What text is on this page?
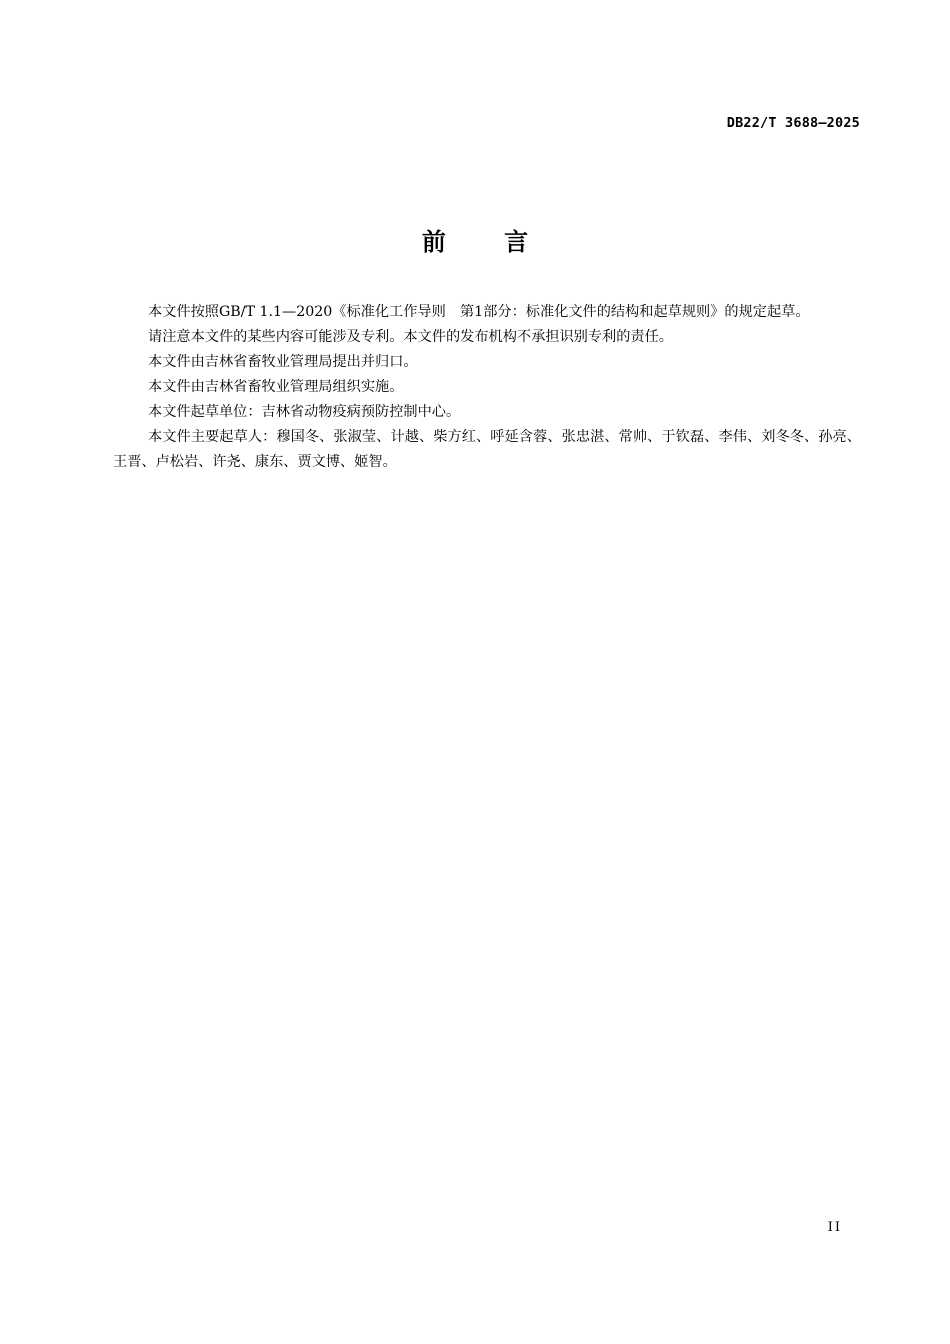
DB22/T 3688—2025
前 言

本文件按照GB/T 1.1—2020《标准化工作导则　第1部分：标准化文件的结构和起草规则》的规定起草。

请注意本文件的某些内容可能涉及专利。本文件的发布机构不承担识别专利的责任。

本文件由吉林省畜牧业管理局提出并归口。

本文件由吉林省畜牧业管理局组织实施。

本文件起草单位：吉林省动物疫病预防控制中心。

本文件主要起草人：穆国冬、张淑莹、计越、柴方红、呼延含蓉、张忠湛、常帅、于钦磊、李伟、刘冬冬、孙亮、王晋、卢松岩、许尧、康东、贾文博、姬智。

II
